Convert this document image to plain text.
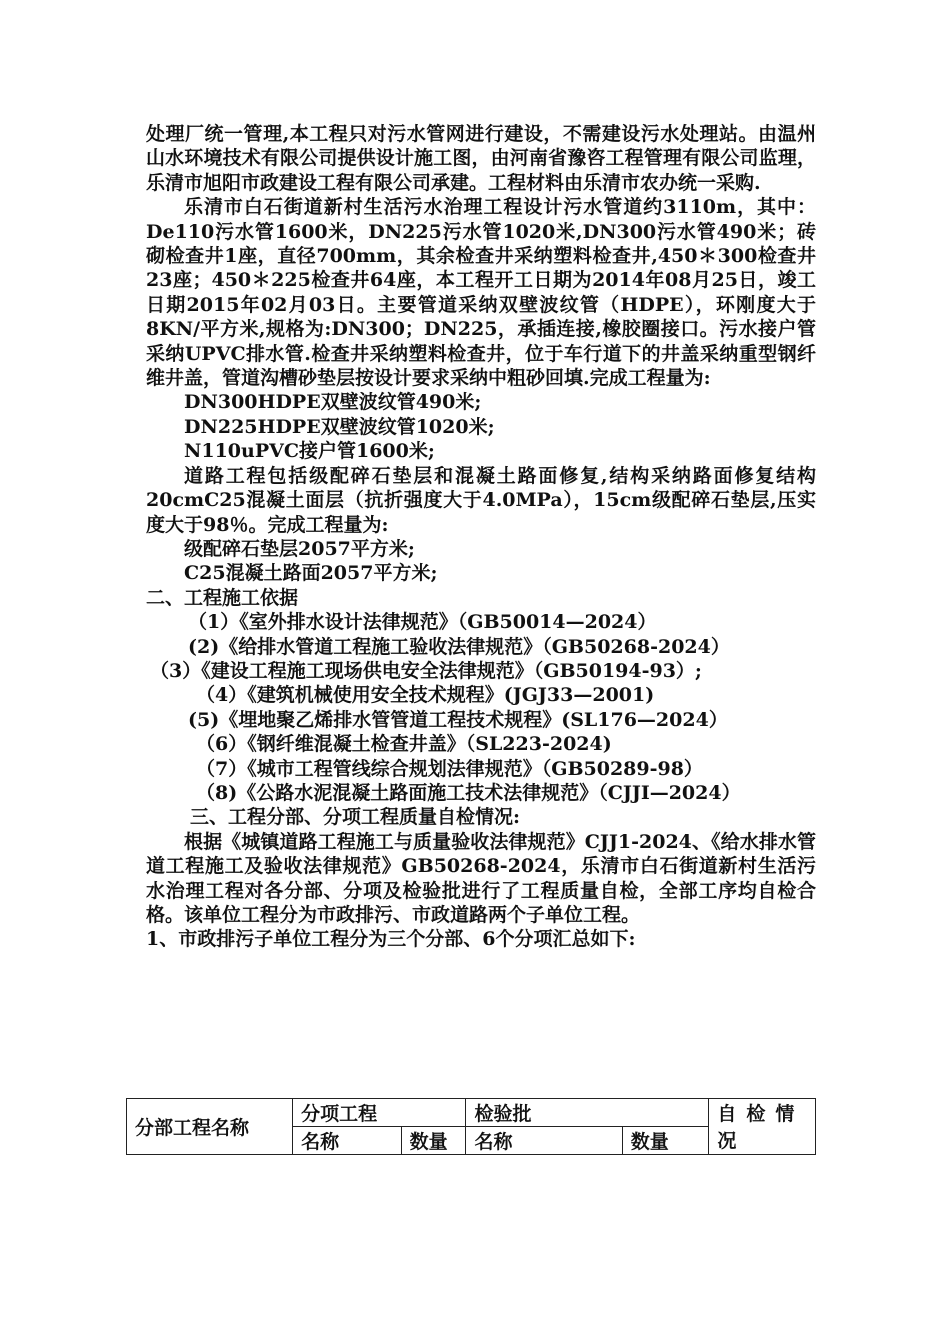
处理厂统一管理,本工程只对污水管网进行建设，不需建设污水处理站。由温州山水环境技术有限公司提供设计施工图，由河南省豫咨工程管理有限公司监理，乐清市旭阳市政建设工程有限公司承建。工程材料由乐清市农办统一采购.

乐清市白石街道新村生活污水治理工程设计污水管道约3110m，其中：De110污水管1600米，DN225污水管1020米,DN300污水管490米；砖砌检查井1座，直径700mm，其余检查井采纳塑料检查井,450＊300检查井23座；450＊225检查井64座，本工程开工日期为2014年08月25日，竣工日期2015年02月03日。主要管道采纳双壁波纹管（HDPE），环刚度大于8KN/平方米,规格为:DN300；DN225，承插连接,橡胶圈接口。污水接户管采纳UPVC排水管.检查井采纳塑料检查井，位于车行道下的井盖采纳重型钢纤维井盖，管道沟槽砂垫层按设计要求采纳中粗砂回填.完成工程量为:

DN300HDPE双壁波纹管490米;

DN225HDPE双壁波纹管1020米;

N110uPVC接户管1600米;

道路工程包括级配碎石垫层和混凝土路面修复,结构采纳路面修复结构20cmC25混凝土面层（抗折强度大于4.0MPa），15cm级配碎石垫层,压实度大于98％。完成工程量为:

级配碎石垫层2057平方米;

C25混凝土路面2057平方米;

二、工程施工依据

（1）《室外排水设计法律规范》（GB50014—2024）

(2)《给排水管道工程施工验收法律规范》（GB50268-2024）

（3）《建设工程施工现场供电安全法律规范》（GB50194-93）;

（4）《建筑机械使用安全技术规程》(JGJ33—2001)

(5)《埋地聚乙烯排水管管道工程技术规程》(SL176—2024）

（6）《钢纤维混凝土检查井盖》（SL223-2024)

（7）《城市工程管线综合规划法律规范》（GB50289-98）

（8)《公路水泥混凝土路面施工技术法律规范》（CJJI—2024）

三、工程分部、分项工程质量自检情况:

根据《城镇道路工程施工与质量验收法律规范》CJJ1-2024、《给水排水管道工程施工及验收法律规范》GB50268-2024，乐清市白石街道新村生活污水治理工程对各分部、分项及检验批进行了工程质量自检，全部工序均自检合格。该单位工程分为市政排污、市政道路两个子单位工程。

1、市政排污子单位工程分为三个分部、6个分项汇总如下:

分部工程名称	分项工程		检验批		自检情况
	名称	数量	名称	数量	
